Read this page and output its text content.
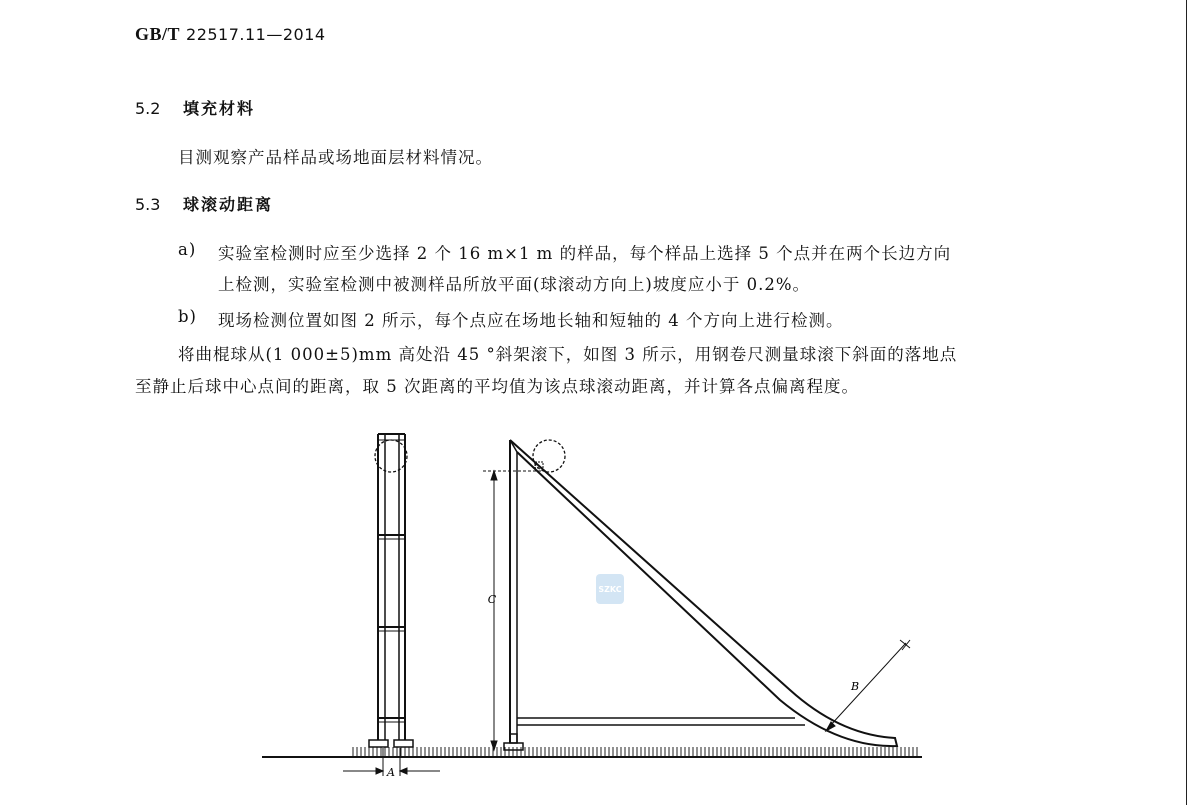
GB/T 22517.11—2014
5.2 填充材料
目测观察产品样品或场地面层材料情况。
5.3 球滚动距离
a) 实验室检测时应至少选择 2 个 16 m×1 m 的样品，每个样品上选择 5 个点并在两个长边方向
上检测，实验室检测中被测样品所放平面(球滚动方向上)坡度应小于 0.2%。
b) 现场检测位置如图 2 所示，每个点应在场地长轴和短轴的 4 个方向上进行检测。
将曲棍球从(1 000±5)mm 高处沿 45 °斜架滚下，如图 3 所示，用钢卷尺测量球滚下斜面的落地点
至静止后球中心点间的距离，取 5 次距离的平均值为该点球滚动距离，并计算各点偏离程度。
A
C
B
SZKC
